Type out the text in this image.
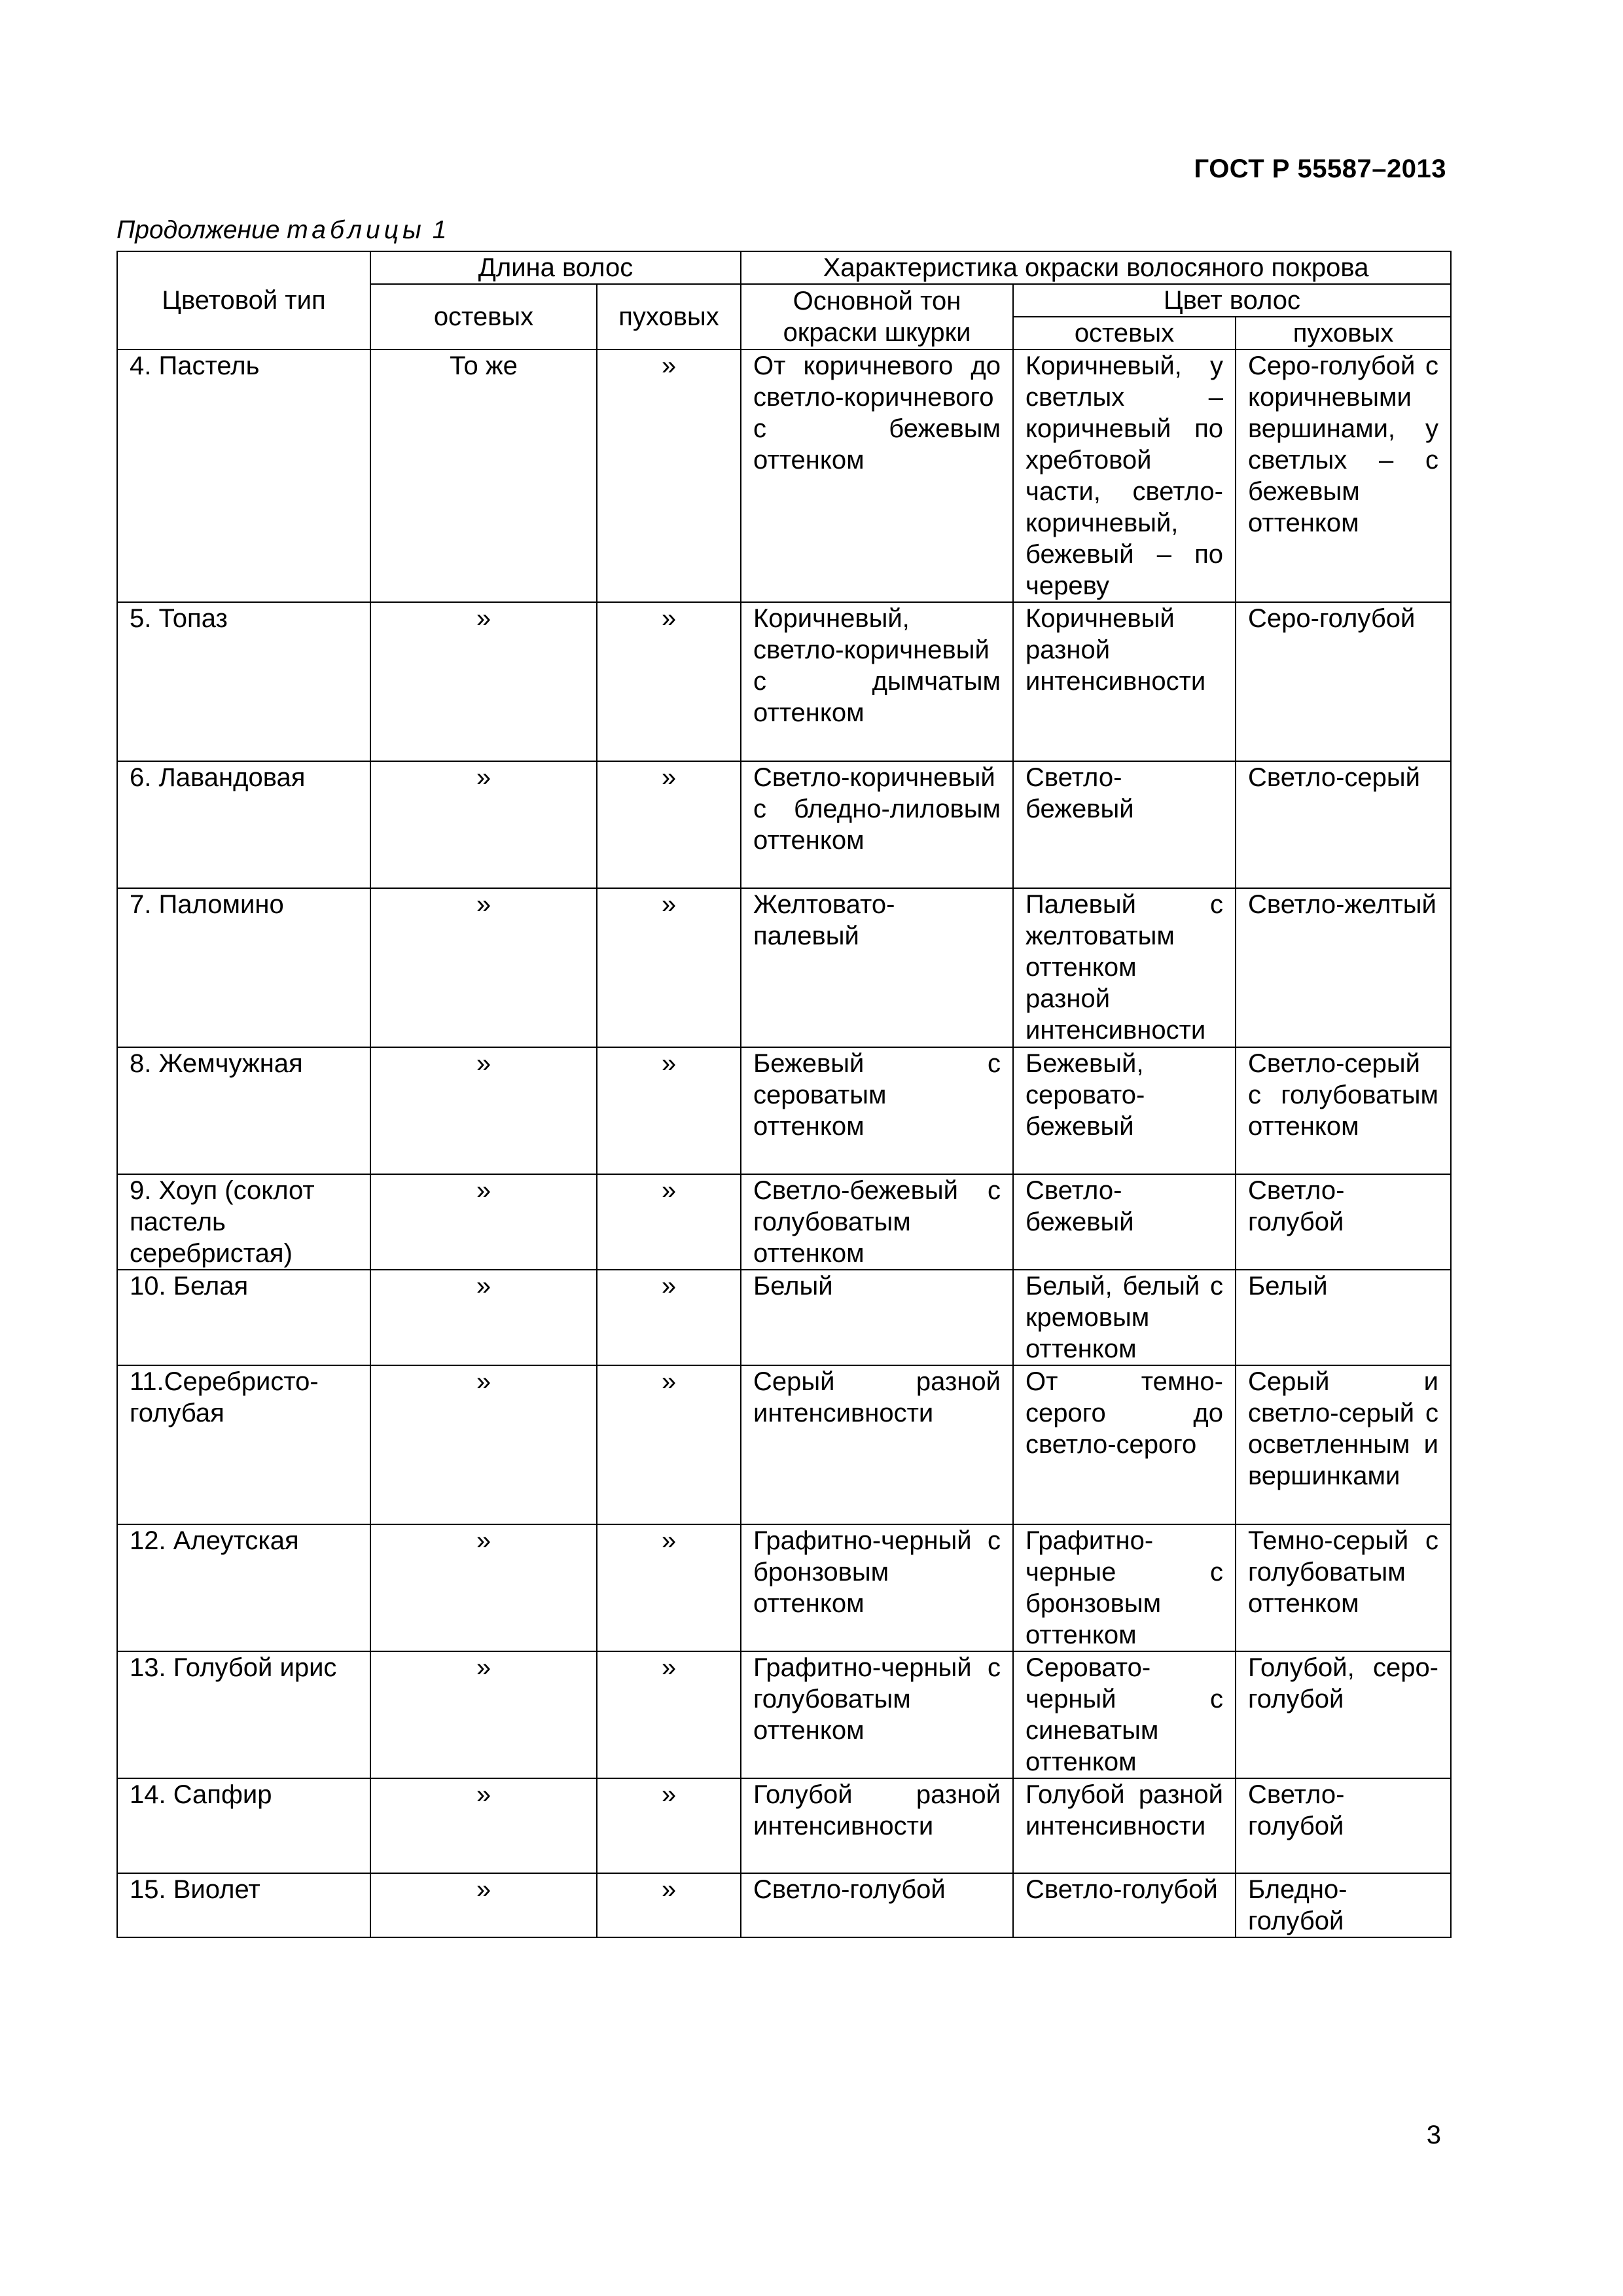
ГОСТ Р 55587–2013
Продолжение таблицы 1
Цветовой тип	Длина волос		Характеристика окраски волосяного покрова		
	остевых	пуховых	Основной тон окраски шкурки	Цвет волос	
				остевых	пуховых
4. Пастель	То же	»	От коричневого до светло-коричневого с бежевым оттенком	Коричневый, у светлых – коричневый по хребтовой части, светло-коричневый, бежевый – по череву	Серо-голубой с коричневыми вершинами, у светлых – с бежевым оттенком
5. Топаз	»	»	Коричневый, светло-коричневый с дымчатым оттенком	Коричневый разной интенсивности	Серо-голубой
6. Лавандовая	»	»	Светло-коричневый с бледно-лиловым оттенком	Светло-бежевый	Светло-серый
7. Паломино	»	»	Желтовато-палевый	Палевый с желтоватым оттенком разной интенсивности	Светло-желтый
8. Жемчужная	»	»	Бежевый с сероватым оттенком	Бежевый, серовато-бежевый	Светло-серый с голубоватым оттенком
9. Хоуп (соклот пастель серебристая)	»	»	Светло-бежевый с голубоватым оттенком	Светло-бежевый	Светло-голубой
10. Белая	»	»	Белый	Белый, белый с кремовым оттенком	Белый
11.Серебристо-голубая	»	»	Серый разной интенсивности	От темно-серого до светло-серого	Серый и светло-серый с осветленным и вершинками
12. Алеутская	»	»	Графитно-черный с бронзовым оттенком	Графитно-черные с бронзовым оттенком	Темно-серый с голубоватым оттенком
13. Голубой ирис	»	»	Графитно-черный с голубоватым оттенком	Серовато-черный с синеватым оттенком	Голубой, серо-голубой
14. Сапфир	»	»	Голубой разной интенсивности	Голубой разной интенсивности	Светло-голубой
15. Виолет	»	»	Светло-голубой	Светло-голубой	Бледно-голубой
3
